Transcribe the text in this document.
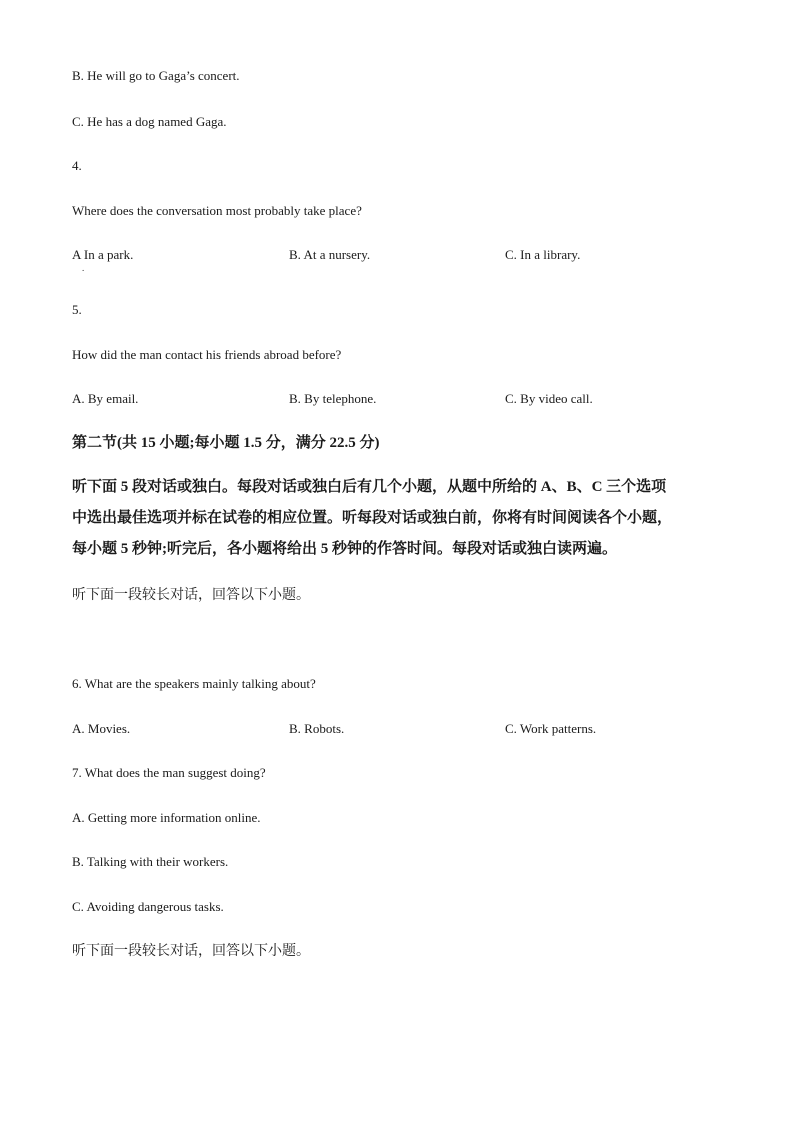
B. He will go to Gaga’s concert.
C. He has a dog named Gaga.
4.
Where does the conversation most probably take place?
A In a park.	B. At a nursery.	C. In a library.
.
5.
How did the man contact his friends abroad before?
A. By email.	B. By telephone.	C. By video call.
第二节(共 15 小题;每小题 1.5 分，满分 22.5 分)
听下面 5 段对话或独白。每段对话或独白后有几个小题，从题中所给的 A、B、C 三个选项
中选出最佳选项并标在试卷的相应位置。听每段对话或独白前，你将有时间阅读各个小题，
每小题 5 秒钟;听完后，各小题将给出 5 秒钟的作答时间。每段对话或独白读两遍。
听下面一段较长对话，回答以下小题。
6. What are the speakers mainly talking about?
A. Movies.	B. Robots.	C. Work patterns.
7. What does the man suggest doing?
A. Getting more information online.
B. Talking with their workers.
C. Avoiding dangerous tasks.
听下面一段较长对话，回答以下小题。
